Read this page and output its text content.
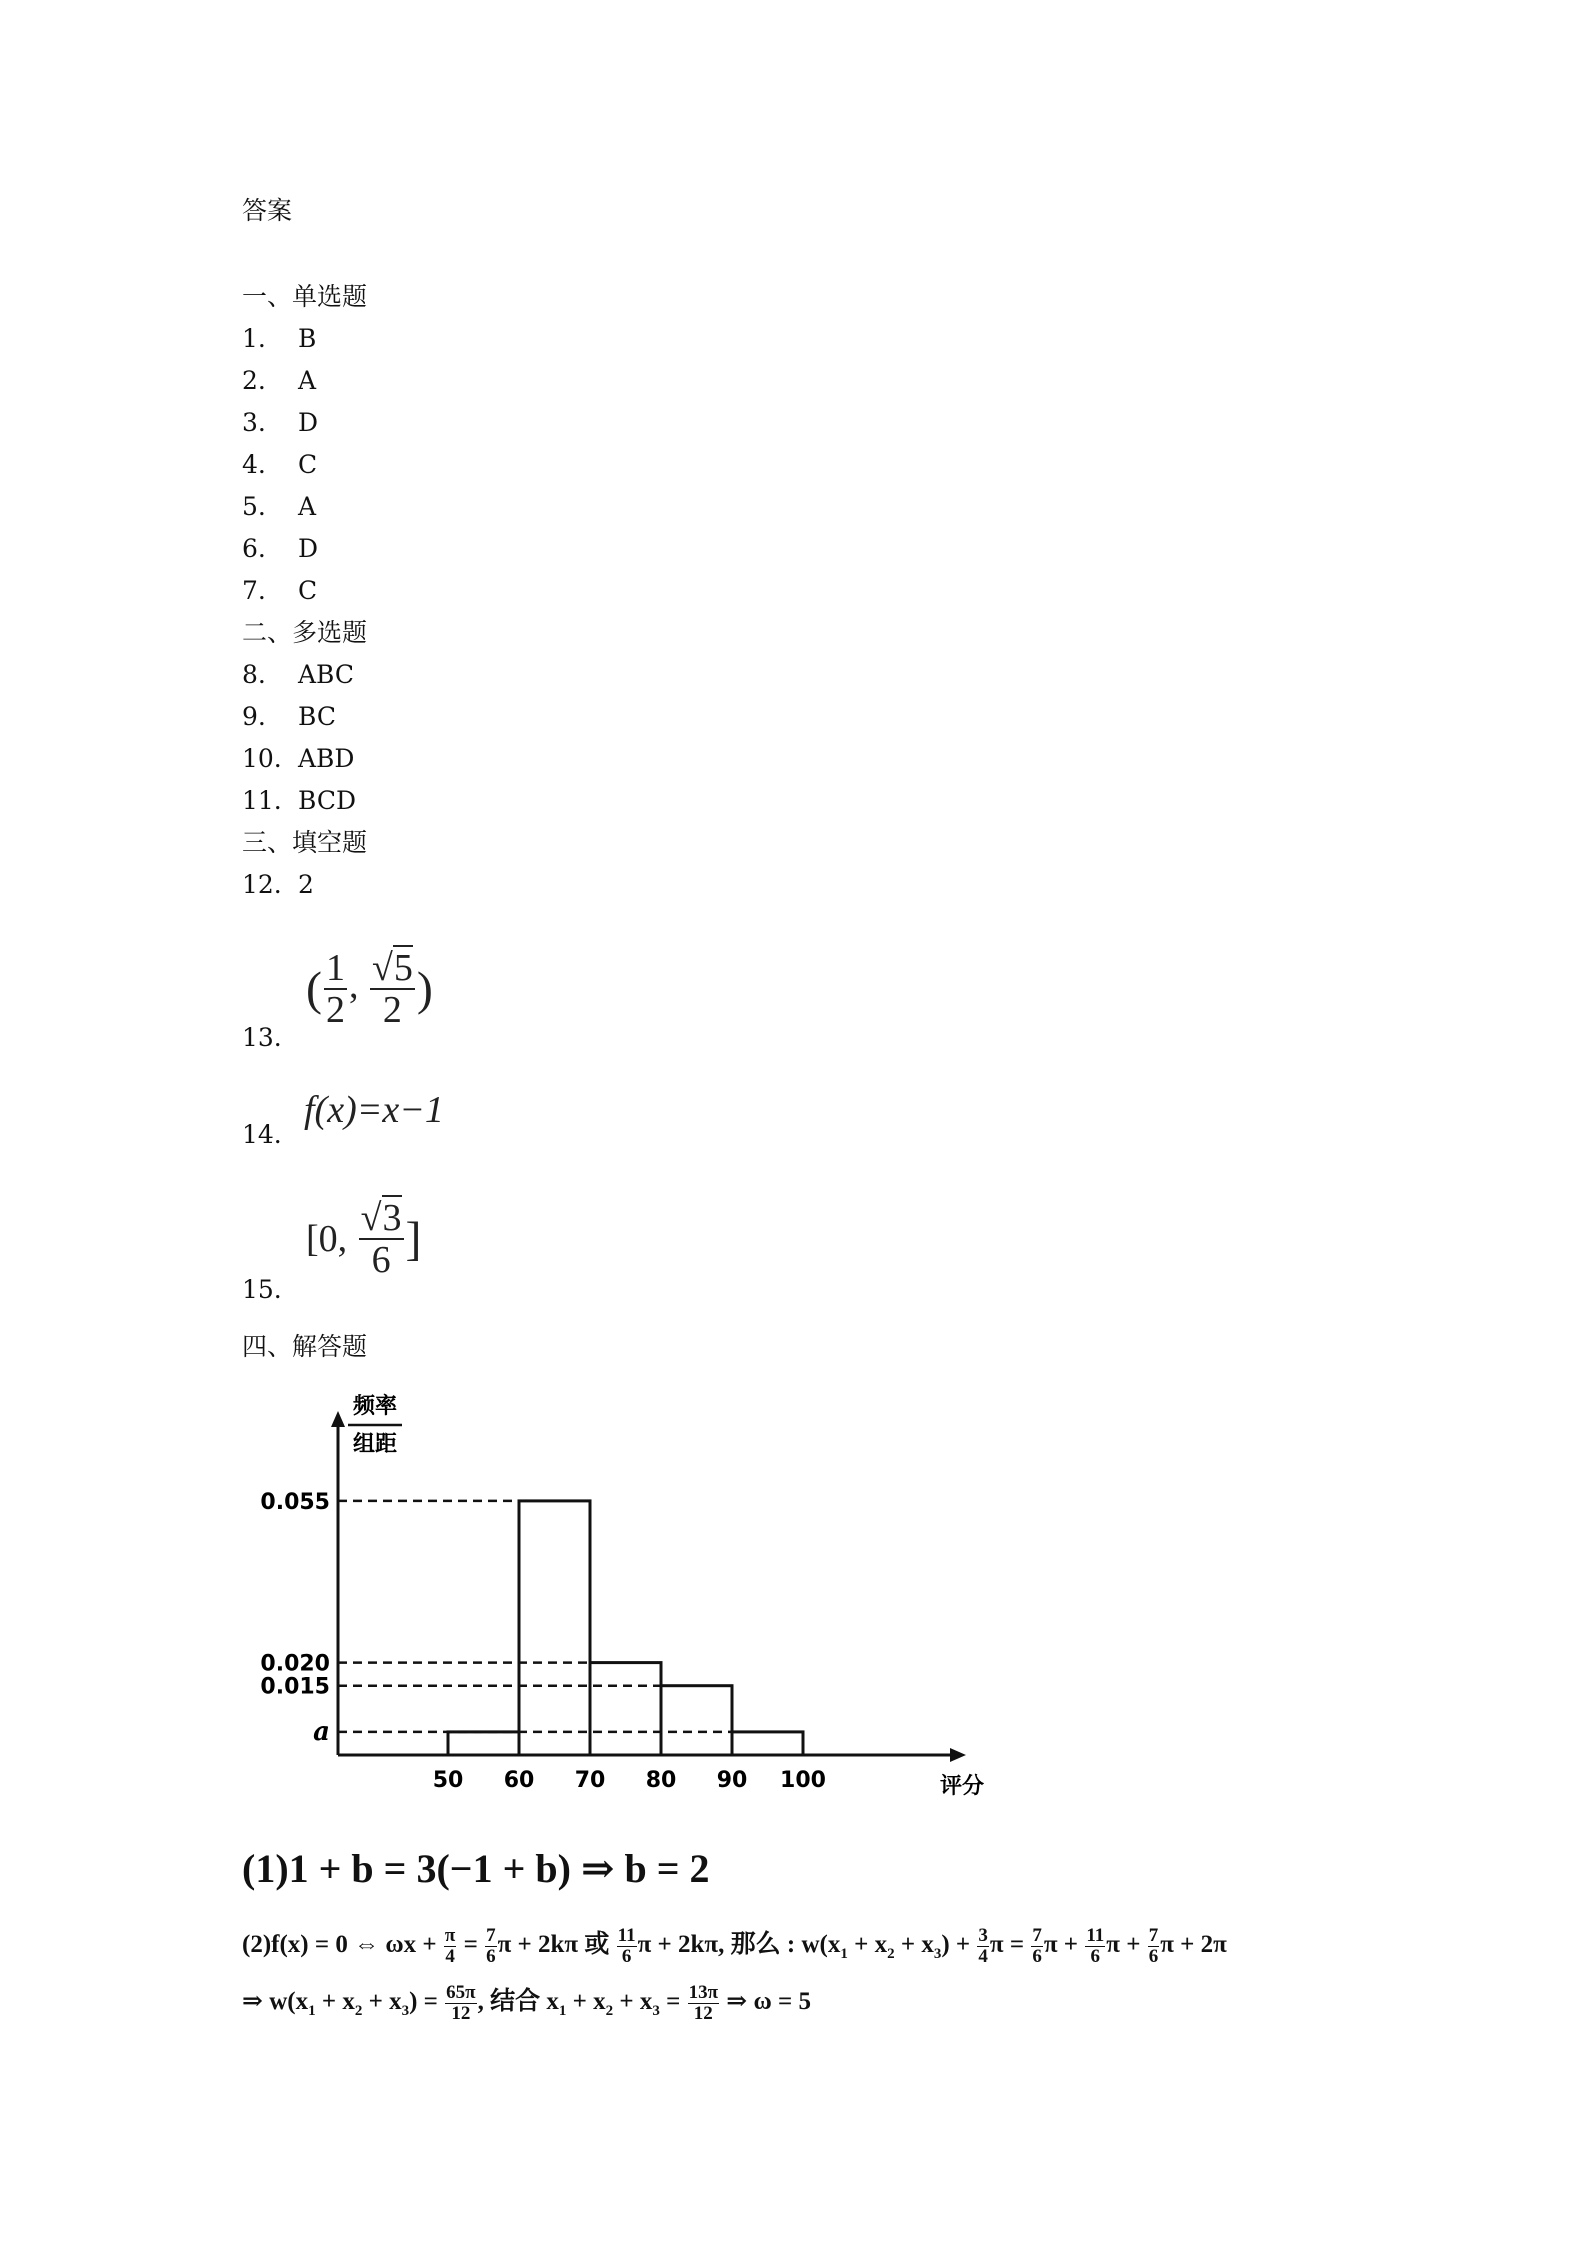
答案
一、单选题
1. B
2. A
3. D
4. C
5. A
6. D
7. C
二、多选题
8. ABC
9. BC
10. ABD
11. BCD
三、填空题
12. 2
13.
( $\frac{1}{2}$ , $\frac{√5}{2}$ )
14.
f(x)=x−1
15.
[0, $\frac{√3}{6}$ ]
四、解答题
频率
组距
评分
0.055
0.020
0.015
a
50 60 70 80 90 100
(1)1 + b = 3(−1 + b) ⇒ b = 2
(2)f(x) = 0 ⇔ $\omega x + \frac{\pi}{4} = \frac{7}{6}$ π + 2kπ 或 $\frac{11}{6}$ π + 2kπ, 那么 : $w(x_1 + x_2 + x_3) + \frac{3}{4}$ $\pi = \frac{7}{6}$ $\pi + \frac{11}{6}$ $\pi + \frac{7}{6}$ π + 2π
⇒ $w(x_1 + x_2 + x_3) = \frac{65\pi}{12}$ , 结合 $x_1 + x_2 + x_3 = \frac{13\pi}{12}$ ⇒ ω = 5
